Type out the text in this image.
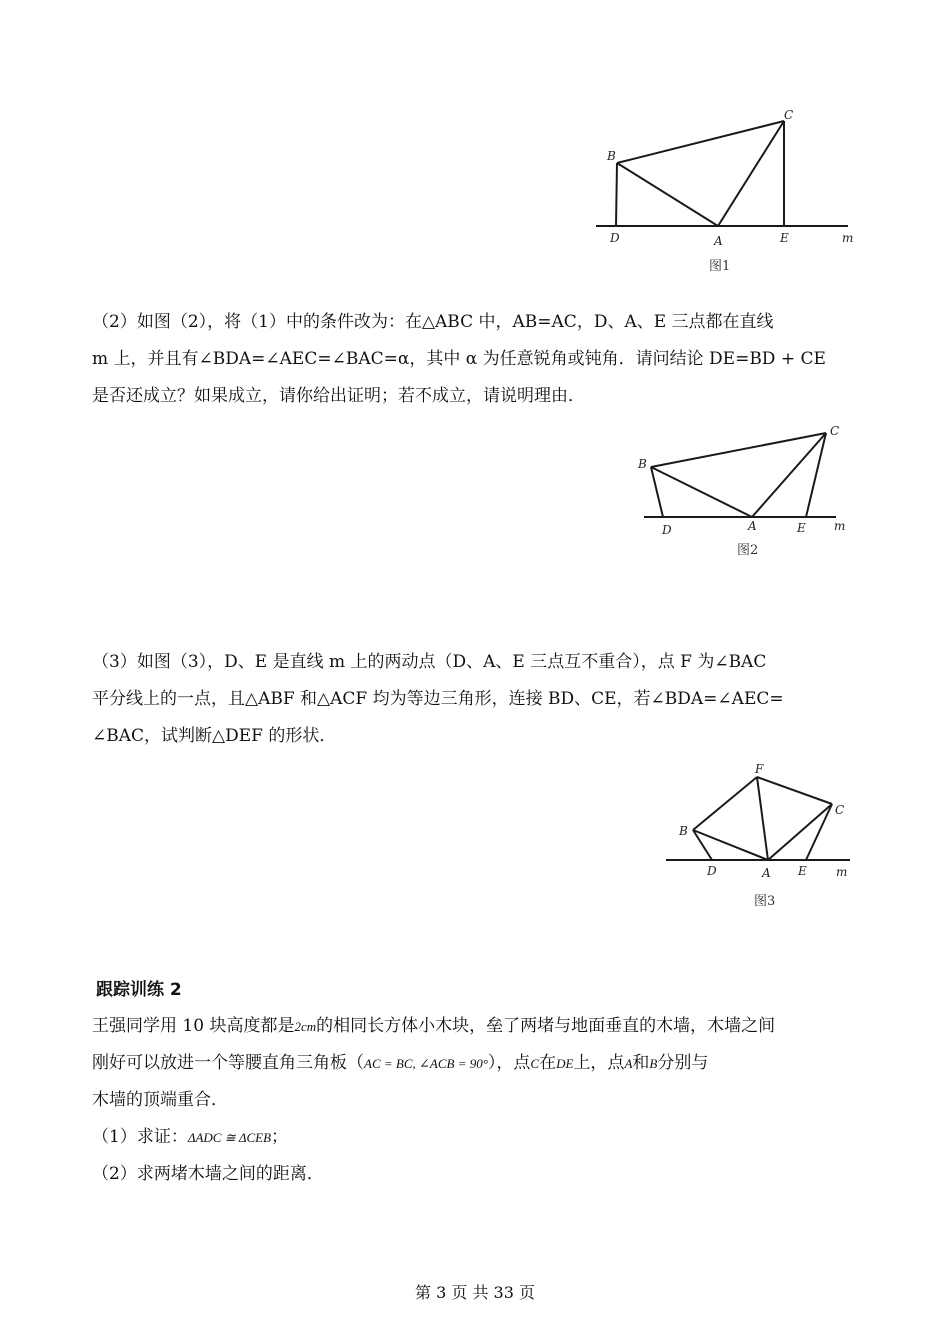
B
C
D	A	E	m
图1
（2）如图（2），将（1）中的条件改为：在△ABC 中，AB=AC，D、A、E 三点都在直线
m 上，并且有∠BDA=∠AEC=∠BAC=α，其中 α 为任意锐角或钝角．请问结论 DE=BD + CE
是否还成立？如果成立，请你给出证明；若不成立，请说明理由．
B
C
D	A	E m
图2
（3）如图（3），D、E 是直线 m 上的两动点（D、A、E 三点互不重合），点 F 为∠BAC
平分线上的一点，且△ABF 和△ACF 均为等边三角形，连接 BD、CE，若∠BDA=∠AEC=
∠BAC，试判断△DEF 的形状．
F
B
C
D	A E m
图3
跟踪训练 2
王强同学用 10 块高度都是2cm的相同长方体小木块，垒了两堵与地面垂直的木墙，木墙之间
刚好可以放进一个等腰直角三角板（AC = BC, ∠ACB = 90°），点C在DE上，点A和B分别与
木墙的顶端重合．
（1）求证：ΔADC ≅ ΔCEB；
（2）求两堵木墙之间的距离．
第 3 页 共 33 页
